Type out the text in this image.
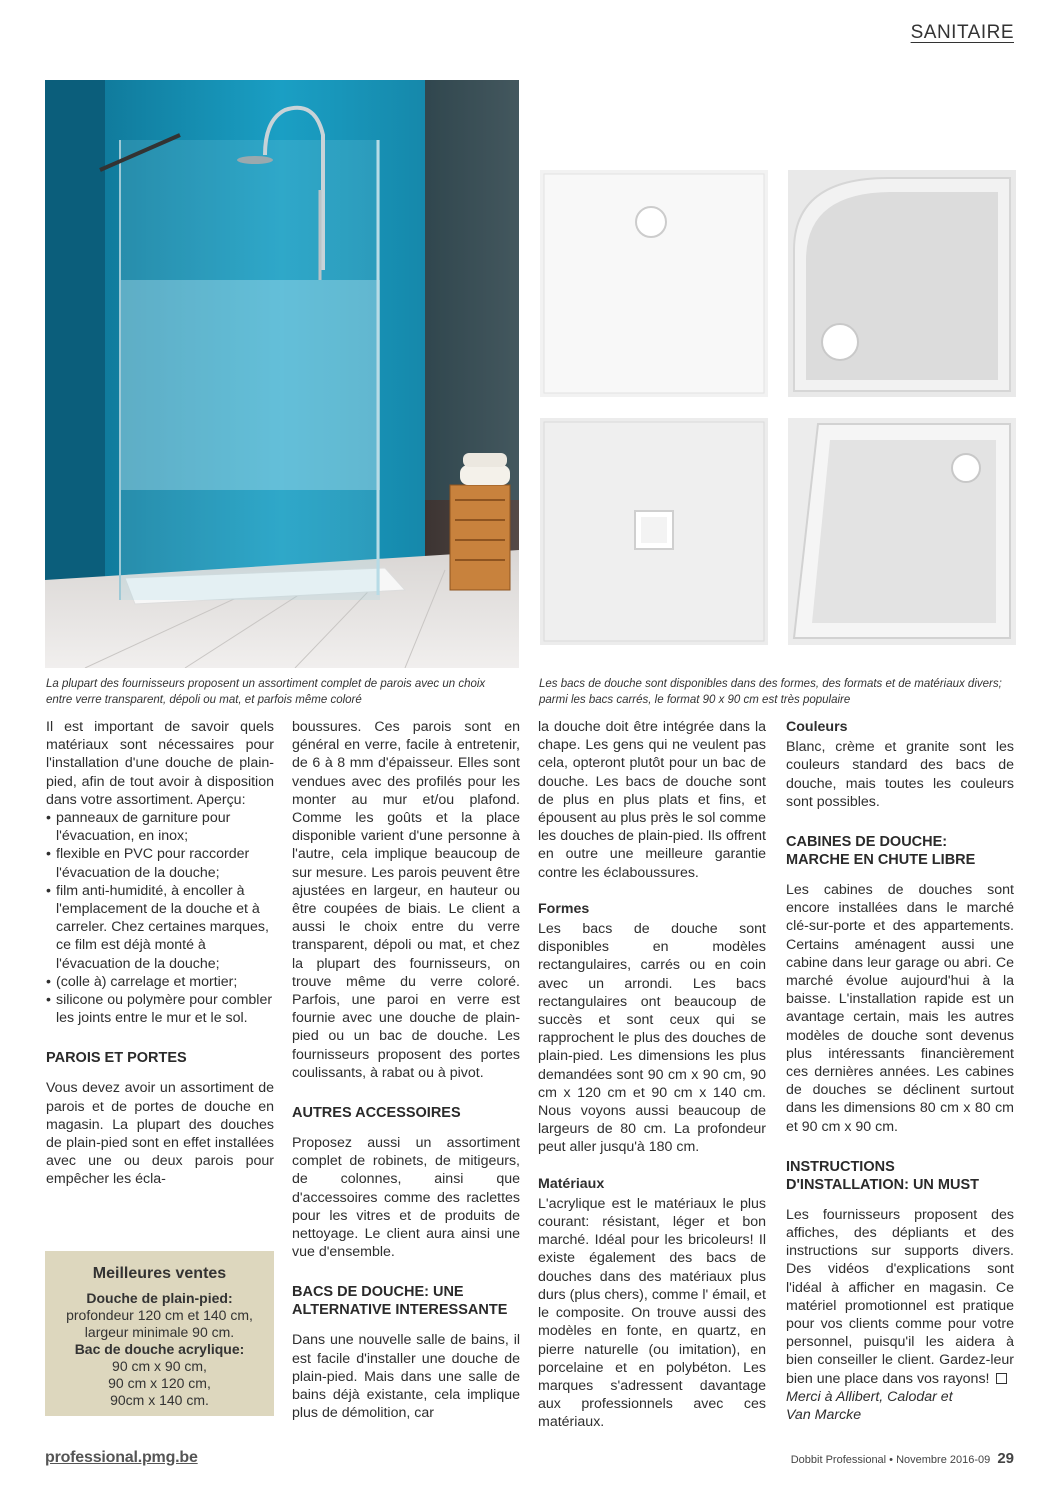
SANITAIRE
La plupart des fournisseurs proposent un assortiment complet de parois avec un choix entre verre transparent, dépoli ou mat, et parfois même coloré
Les bacs de douche sont disponibles dans des formes, des formats et de matériaux divers; parmi les bacs carrés, le format 90 x 90 cm est très populaire

Il est important de savoir quels matériaux sont nécessaires pour l'installation d'une douche de plain-pied, afin de tout avoir à disposition dans votre assortiment. Aperçu:

• panneaux de garniture pour l'évacuation, en inox;
• flexible en PVC pour raccorder l'évacuation de la douche;
• film anti-humidité, à encoller à l'emplacement de la douche et à carreler. Chez certaines marques, ce film est déjà monté à l'évacuation de la douche;
• (colle à) carrelage et mortier;
• silicone ou polymère pour combler les joints entre le mur et le sol.
PAROIS ET PORTES

Vous devez avoir un assortiment de parois et de portes de douche en magasin. La plupart des douches de plain-pied sont en effet installées avec une ou deux parois pour empêcher les écla-

Meilleures ventes
Douche de plain-pied:
profondeur 120 cm et 140 cm,
largeur minimale 90 cm.
Bac de douche acrylique:
90 cm x 90 cm,
90 cm x 120 cm,
90cm x 140 cm.

boussures. Ces parois sont en général en verre, facile à entretenir, de 6 à 8 mm d'épaisseur. Elles sont vendues avec des profilés pour les monter au mur et/ou plafond. Comme les goûts et la place disponible varient d'une personne à l'autre, cela implique beaucoup de sur mesure. Les parois peuvent être ajustées en largeur, en hauteur ou être coupées de biais. Le client a aussi le choix entre du verre transparent, dépoli ou mat, et chez la plupart des fournisseurs, on trouve même du verre coloré. Parfois, une paroi en verre est fournie avec une douche de plain-pied ou un bac de douche. Les fournisseurs proposent des portes coulissants, à rabat ou à pivot.

AUTRES ACCESSOIRES

Proposez aussi un assortiment complet de robinets, de mitigeurs, de colonnes, ainsi que d'accessoires comme des raclettes pour les vitres et de produits de nettoyage. Le client aura ainsi une vue d'ensemble.

BACS DE DOUCHE: UNE ALTERNATIVE INTERESSANTE

Dans une nouvelle salle de bains, il est facile d'installer une douche de plain-pied. Mais dans une salle de bains déjà existante, cela implique plus de démolition, car

la douche doit être intégrée dans la chape. Les gens qui ne veulent pas cela, opteront plutôt pour un bac de douche. Les bacs de douche sont de plus en plus plats et fins, et épousent au plus près le sol comme les douches de plain-pied. Ils offrent en outre une meilleure garantie contre les éclaboussures.

Formes

Les bacs de douche sont disponibles en modèles rectangulaires, carrés ou en coin avec un arrondi. Les bacs rectangulaires ont beaucoup de succès et sont ceux qui se rapprochent le plus des douches de plain-pied. Les dimensions les plus demandées sont 90 cm x 90 cm, 90 cm x 120 cm et 90 cm x 140 cm. Nous voyons aussi beaucoup de largeurs de 80 cm. La profondeur peut aller jusqu'à 180 cm.

Matériaux

L'acrylique est le matériaux le plus courant: résistant, léger et bon marché. Idéal pour les bricoleurs! Il existe également des bacs de douches dans des matériaux plus durs (plus chers), comme l' émail, et le composite. On trouve aussi des modèles en fonte, en quartz, en pierre naturelle (ou imitation), en porcelaine et en polybéton. Les marques s'adressent davantage aux professionnels avec ces matériaux.

Couleurs

Blanc, crème et granite sont les couleurs standard des bacs de douche, mais toutes les couleurs sont possibles.

CABINES DE DOUCHE: MARCHE EN CHUTE LIBRE

Les cabines de douches sont encore installées dans le marché clé-sur-porte et des appartements. Certains aménagent aussi une cabine dans leur garage ou abri. Ce marché évolue aujourd'hui à la baisse. L'installation rapide est un avantage certain, mais les autres modèles de douche sont devenus plus intéressants financièrement ces dernières années. Les cabines de douches se déclinent surtout dans les dimensions 80 cm x 80 cm et 90 cm x 90 cm.

INSTRUCTIONS D'INSTALLATION: UN MUST

Les fournisseurs proposent des affiches, des dépliants et des instructions sur supports divers. Des vidéos d'explications sont l'idéal à afficher en magasin. Ce matériel promotionnel est pratique pour vos clients comme pour votre personnel, puisqu'il les aidera à bien conseiller le client. Gardez-leur bien une place dans vos rayons!

Merci à Allibert, Calodar et
Van Marcke
professional.pmg.be	Dobbit Professional • Novembre 2016-09 29
